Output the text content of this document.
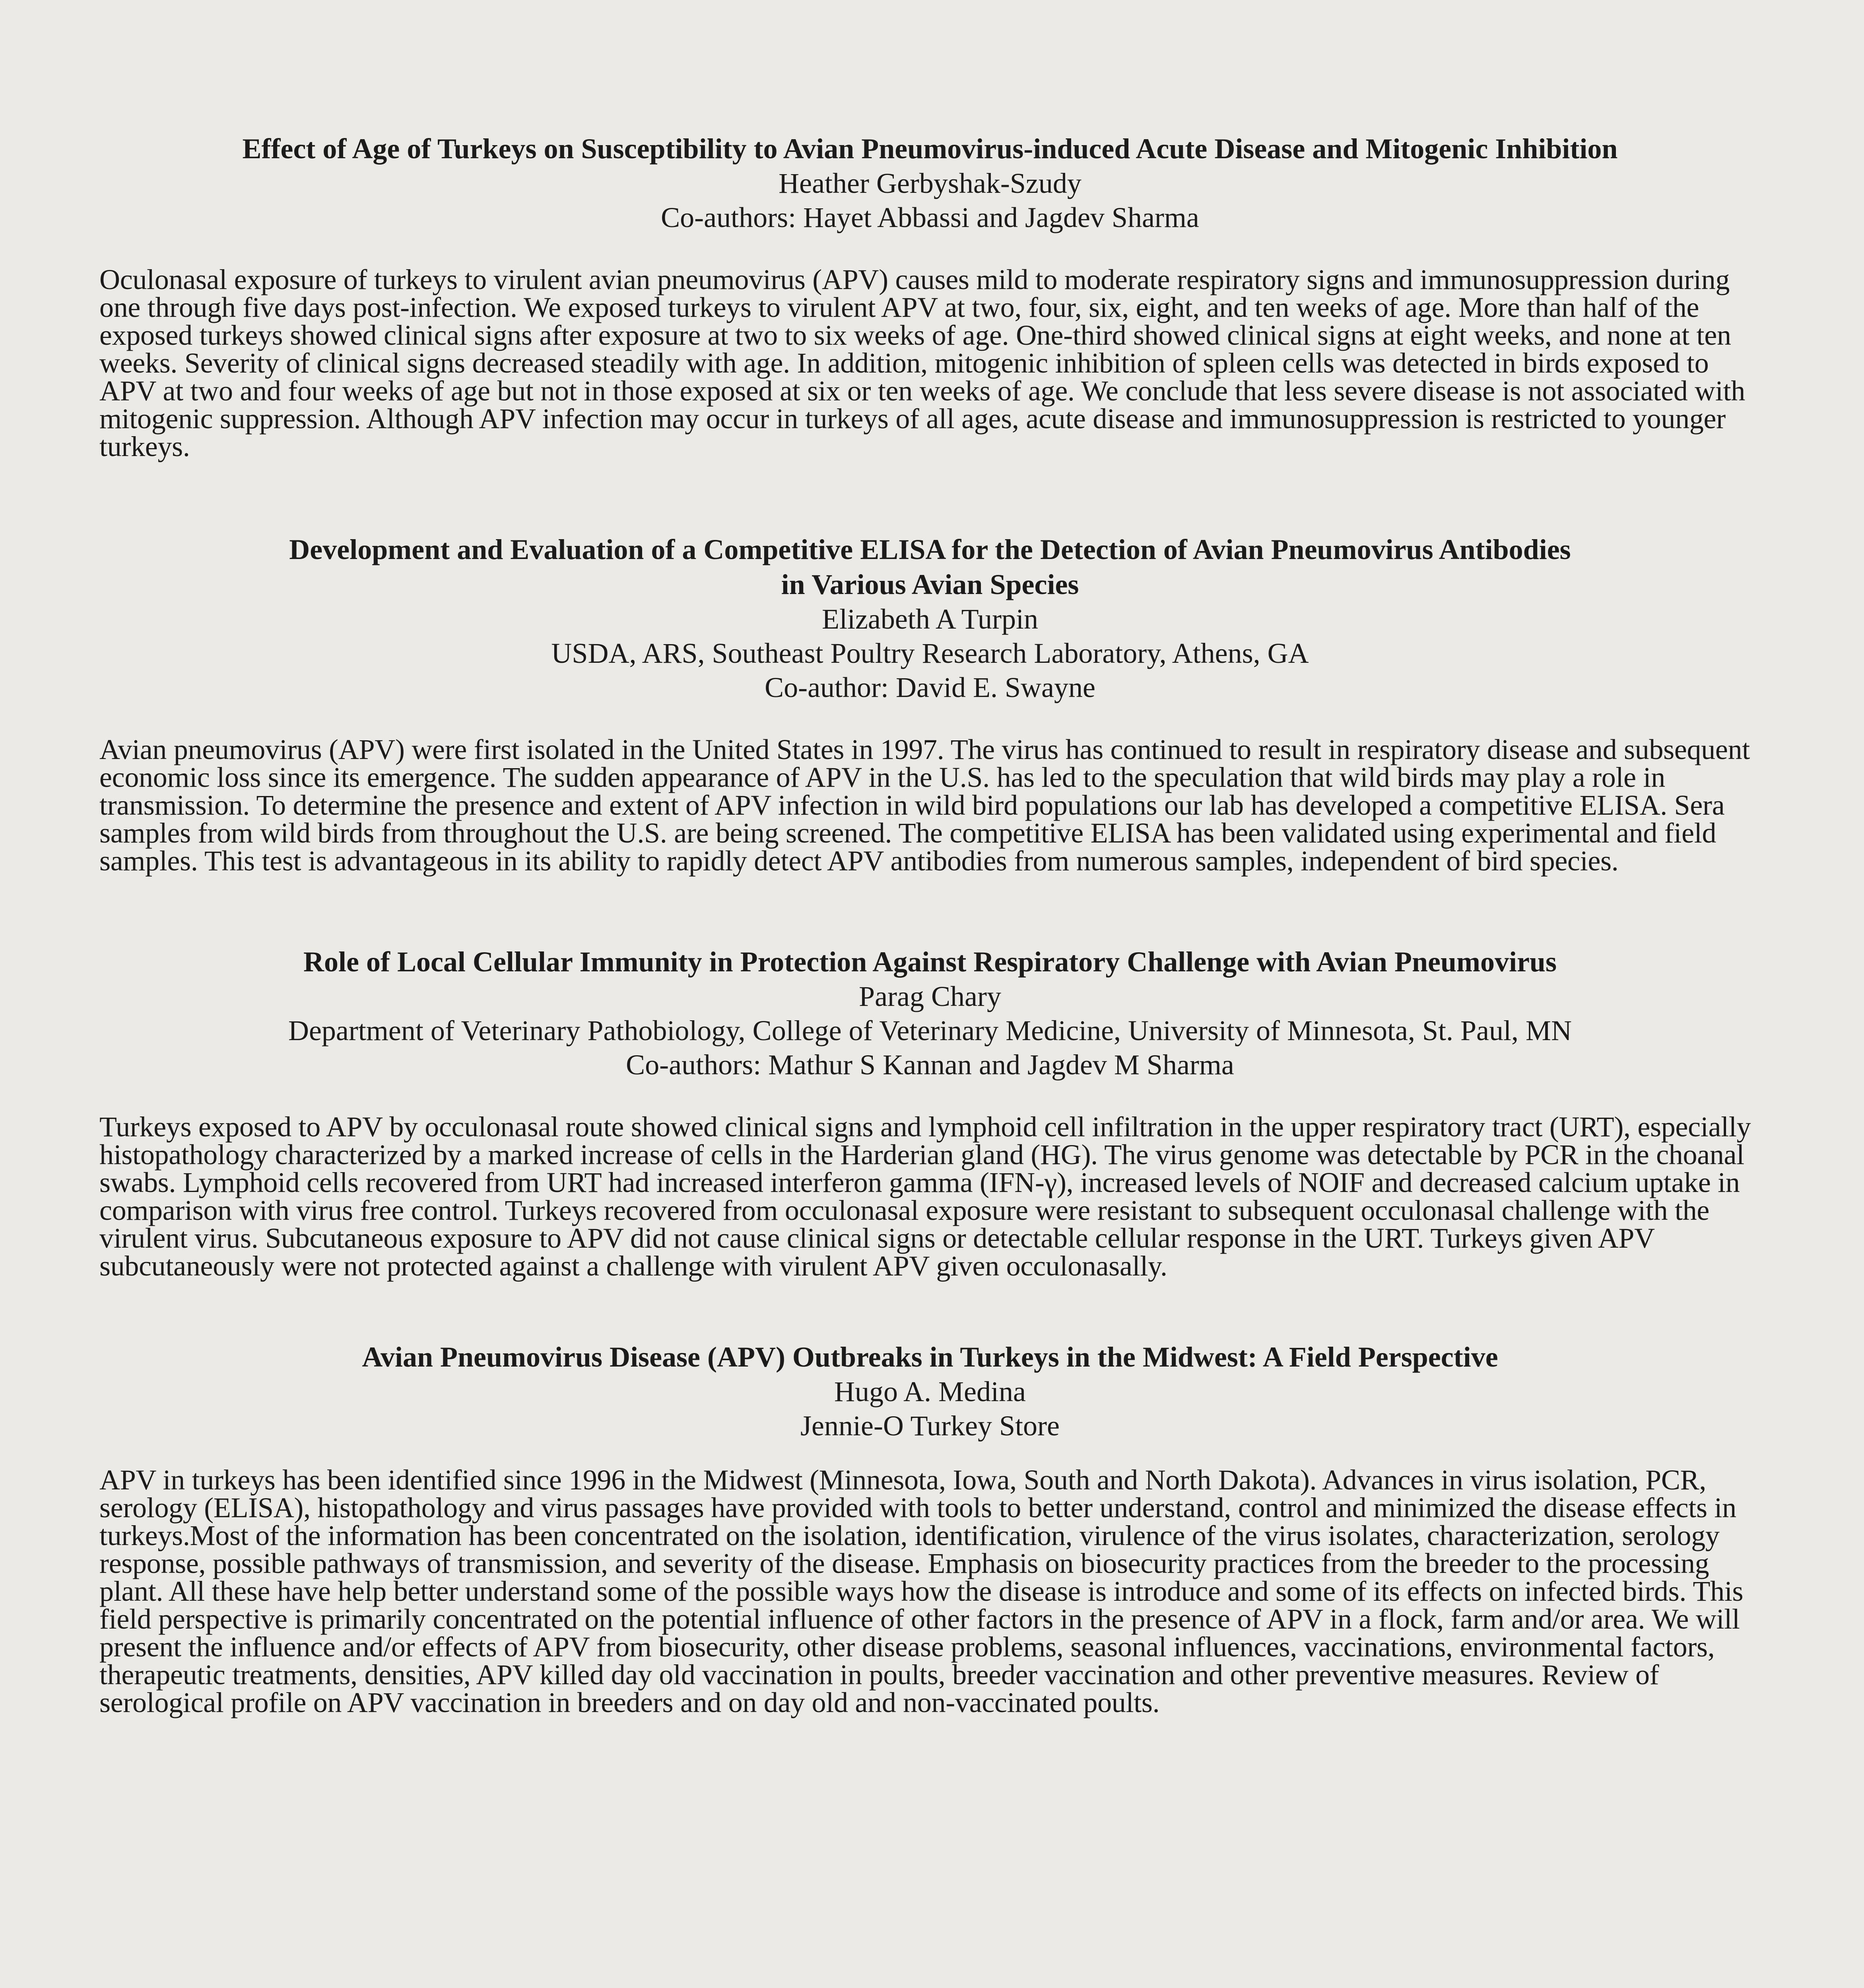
Effect of Age of Turkeys on Susceptibility to Avian Pneumovirus-induced Acute Disease and Mitogenic Inhibition

Heather Gerbyshak-Szudy

Co-authors: Hayet Abbassi and Jagdev Sharma

Oculonasal exposure of turkeys to virulent avian pneumovirus (APV) causes mild to moderate respiratory signs and immunosuppression during one through five days post-infection. We exposed turkeys to virulent APV at two, four, six, eight, and ten weeks of age. More than half of the exposed turkeys showed clinical signs after exposure at two to six weeks of age. One-third showed clinical signs at eight weeks, and none at ten weeks. Severity of clinical signs decreased steadily with age. In addition, mitogenic inhibition of spleen cells was detected in birds exposed to APV at two and four weeks of age but not in those exposed at six or ten weeks of age. We conclude that less severe disease is not associated with mitogenic suppression. Although APV infection may occur in turkeys of all ages, acute disease and immunosuppression is restricted to younger turkeys.

Development and Evaluation of a Competitive ELISA for the Detection of Avian Pneumovirus Antibodies

in Various Avian Species

Elizabeth A Turpin

USDA, ARS, Southeast Poultry Research Laboratory, Athens, GA

Co-author: David E. Swayne

Avian pneumovirus (APV) were first isolated in the United States in 1997. The virus has continued to result in respiratory disease and subsequent economic loss since its emergence. The sudden appearance of APV in the U.S. has led to the speculation that wild birds may play a role in transmission. To determine the presence and extent of APV infection in wild bird populations our lab has developed a competitive ELISA. Sera samples from wild birds from throughout the U.S. are being screened. The competitive ELISA has been validated using experimental and field samples. This test is advantageous in its ability to rapidly detect APV antibodies from numerous samples, independent of bird species.

Role of Local Cellular Immunity in Protection Against Respiratory Challenge with Avian Pneumovirus

Parag Chary

Department of Veterinary Pathobiology, College of Veterinary Medicine, University of Minnesota, St. Paul, MN

Co-authors: Mathur S Kannan and Jagdev M Sharma

Turkeys exposed to APV by occulonasal route showed clinical signs and lymphoid cell infiltration in the upper respiratory tract (URT), especially histopathology characterized by a marked increase of cells in the Harderian gland (HG). The virus genome was detectable by PCR in the choanal swabs. Lymphoid cells recovered from URT had increased interferon gamma (IFN-γ), increased levels of NOIF and decreased calcium uptake in comparison with virus free control. Turkeys recovered from occulonasal exposure were resistant to subsequent occulonasal challenge with the virulent virus. Subcutaneous exposure to APV did not cause clinical signs or detectable cellular response in the URT. Turkeys given APV subcutaneously were not protected against a challenge with virulent APV given occulonasally.

Avian Pneumovirus Disease (APV) Outbreaks in Turkeys in the Midwest: A Field Perspective

Hugo A. Medina

Jennie-O Turkey Store

APV in turkeys has been identified since 1996 in the Midwest (Minnesota, Iowa, South and North Dakota). Advances in virus isolation, PCR, serology (ELISA), histopathology and virus passages have provided with tools to better understand, control and minimized the disease effects in turkeys.Most of the information has been concentrated on the isolation, identification, virulence of the virus isolates, characterization, serology response, possible pathways of transmission, and severity of the disease. Emphasis on biosecurity practices from the breeder to the processing plant. All these have help better understand some of the possible ways how the disease is introduce and some of its effects on infected birds. This field perspective is primarily concentrated on the potential influence of other factors in the presence of APV in a flock, farm and/or area. We will present the influence and/or effects of APV from biosecurity, other disease problems, seasonal influences, vaccinations, environmental factors, therapeutic treatments, densities, APV killed day old vaccination in poults, breeder vaccination and other preventive measures. Review of serological profile on APV vaccination in breeders and on day old and non-vaccinated poults.
